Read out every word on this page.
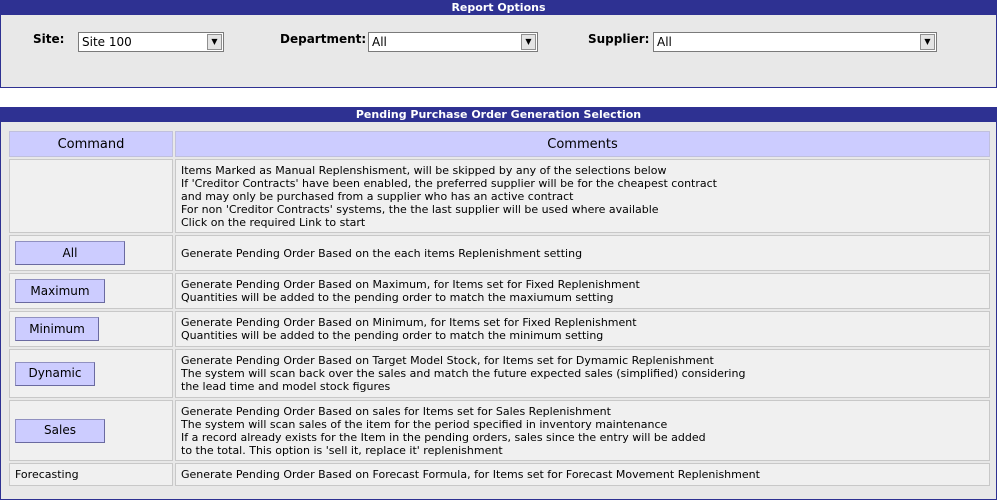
Report Options
Site:	Site 100	▼	Department: All	▼	Supplier: All	▼
Pending Purchase Order Generation Selection
Command	Comments

	Items Marked as Manual Replenshisment, will be skipped by any of the selections below
If 'Creditor Contracts' have been enabled, the preferred supplier will be for the cheapest contract
and may only be purchased from a supplier who has an active contract
For non 'Creditor Contracts' systems, the the last supplier will be used where available
Click on the required Link to start

All	Generate Pending Order Based on the each items Replenishment setting

Maximum	Generate Pending Order Based on Maximum, for Items set for Fixed Replenishment
Quantities will be added to the pending order to match the maxiumum setting

Minimum	Generate Pending Order Based on Minimum, for Items set for Fixed Replenishment
Quantities will be added to the pending order to match the minimum setting

Dynamic	Generate Pending Order Based on Target Model Stock, for Items set for Dymamic Replenishment
The system will scan back over the sales and match the future expected sales (simplified) considering
the lead time and model stock figures

Sales	Generate Pending Order Based on sales for Items set for Sales Replenishment
The system will scan sales of the item for the period specified in inventory maintenance
If a record already exists for the Item in the pending orders, sales since the entry will be added
to the total. This option is 'sell it, replace it' replenishment

Forecasting	Generate Pending Order Based on Forecast Formula, for Items set for Forecast Movement Replenishment
